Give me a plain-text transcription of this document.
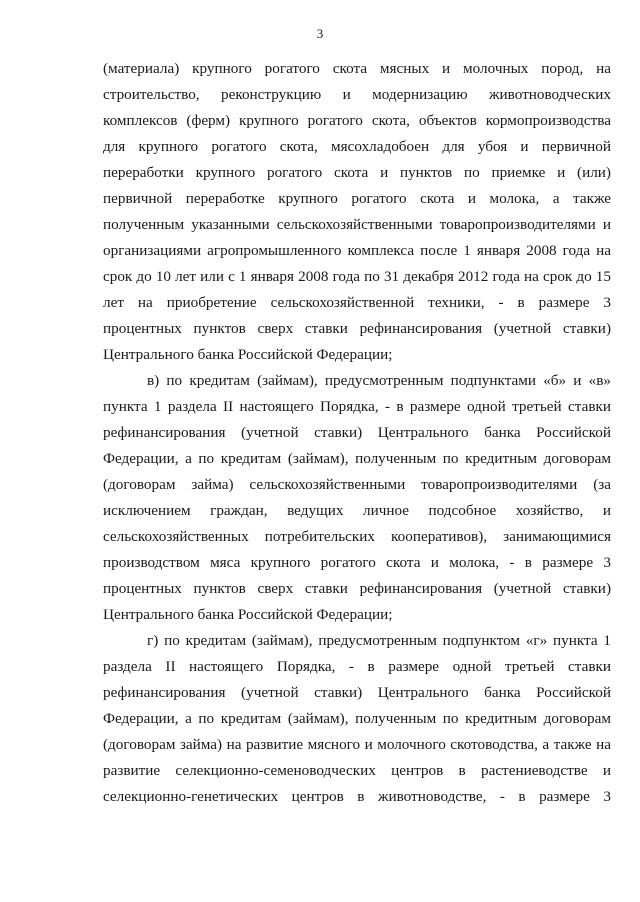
3
(материала) крупного рогатого скота мясных и молочных пород, на
строительство, реконструкцию и модернизацию животноводческих
комплексов (ферм) крупного рогатого скота, объектов кормопроизводства
для крупного рогатого скота, мясохладобоен для убоя и первичной
переработки крупного рогатого скота и пунктов по приемке и (или)
первичной переработке крупного рогатого скота и молока, а также
полученным указанными сельскохозяйственными товаропроизводителями и
организациями агропромышленного комплекса после 1 января 2008 года на
срок до 10 лет или с 1 января 2008 года по 31 декабря 2012 года на срок до 15
лет на приобретение сельскохозяйственной техники, - в размере 3
процентных пунктов сверх ставки рефинансирования (учетной ставки)
Центрального банка Российской Федерации;
в) по кредитам (займам), предусмотренным подпунктами «б» и «в»
пункта 1 раздела II настоящего Порядка, - в размере одной третьей ставки
рефинансирования (учетной ставки) Центрального банка Российской
Федерации, а по кредитам (займам), полученным по кредитным договорам
(договорам займа) сельскохозяйственными товаропроизводителями (за
исключением граждан, ведущих личное подсобное хозяйство, и
сельскохозяйственных потребительских кооперативов), занимающимися
производством мяса крупного рогатого скота и молока, - в размере 3
процентных пунктов сверх ставки рефинансирования (учетной ставки)
Центрального банка Российской Федерации;
г) по кредитам (займам), предусмотренным подпунктом «г» пункта 1
раздела II настоящего Порядка, - в размере одной третьей ставки
рефинансирования (учетной ставки) Центрального банка Российской
Федерации, а по кредитам (займам), полученным по кредитным договорам
(договорам займа) на развитие мясного и молочного скотоводства, а также на
развитие селекционно-семеноводческих центров в растениеводстве и
селекционно-генетических центров в животноводстве, - в размере 3
